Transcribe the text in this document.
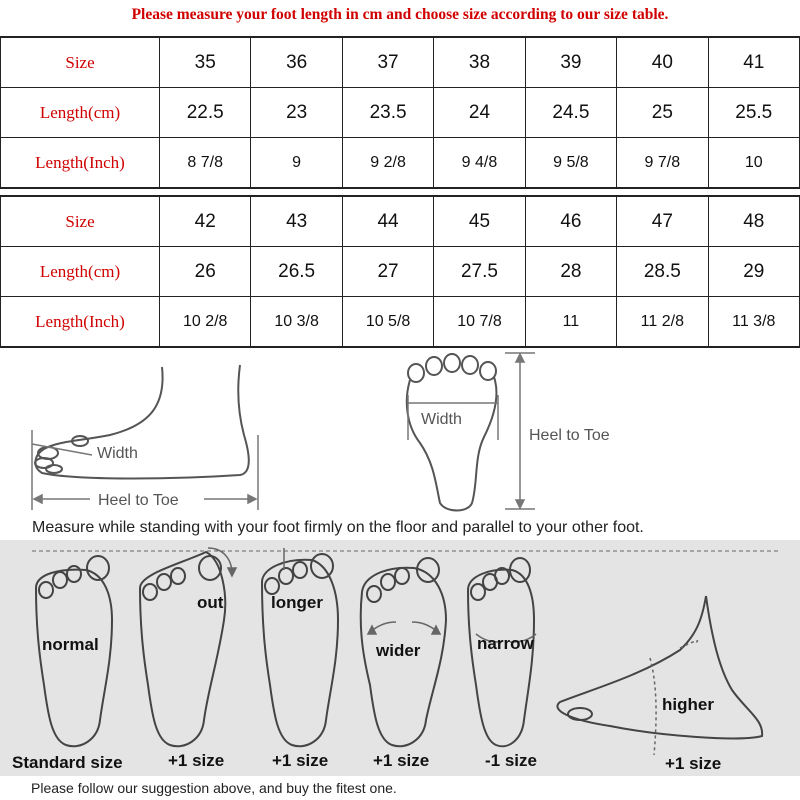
Please measure your foot length in cm and choose size according to our size table.
Size	35	36	37	38	39	40	41
Length(cm)	22.5	23	23.5	24	24.5	25	25.5
Length(Inch)	8 7/8	9	9 2/8	9 4/8	9 5/8	9 7/8	10
Size	42	43	44	45	46	47	48
Length(cm)	26	26.5	27	27.5	28	28.5	29
Length(Inch)	10 2/8	10 3/8	10 5/8	10 7/8	11	11 2/8	11 3/8
Width
Heel to Toe
Width
Heel to Toe
Measure while standing with your foot firmly on the floor and parallel to your other foot.
normal
out	longer
wider	narrow
higher
Standard size	+1 size	+1 size	+1 size	-1 size	+1 size
Please follow our suggestion above, and buy the fitest one.
